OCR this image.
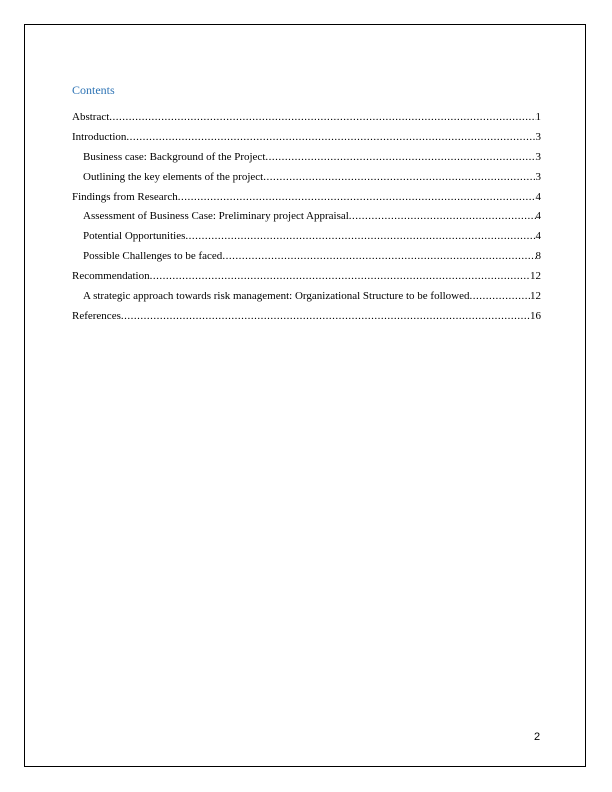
Contents
Abstract .....	1
Introduction .....	3
Business case: Background of the Project .....	3
Outlining the key elements of the project .....	3
Findings from Research .....	4
Assessment of Business Case: Preliminary project Appraisal .....	4
Potential Opportunities .....	4
Possible Challenges to be faced .....	8
Recommendation .....	12
A strategic approach towards risk management: Organizational Structure to be followed .....	12
References .....	16
2
